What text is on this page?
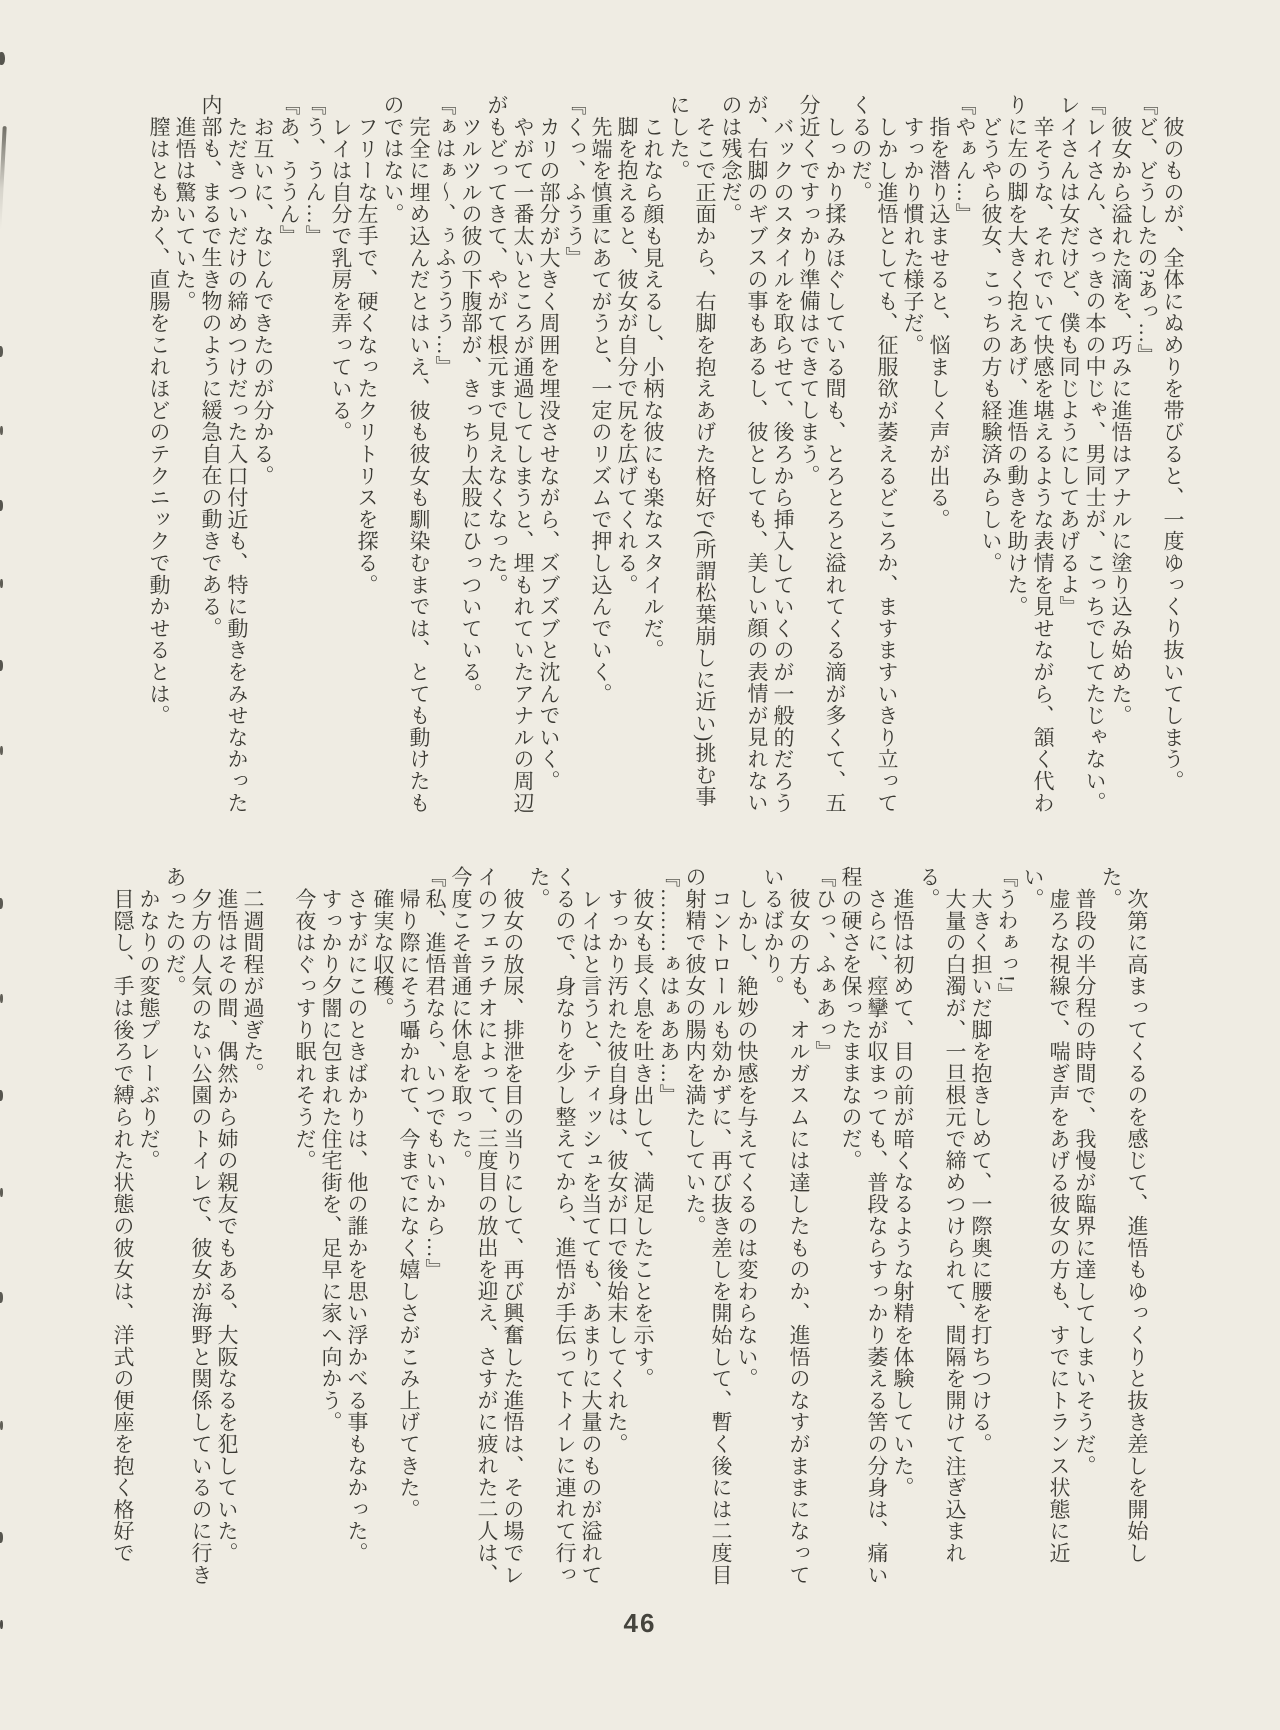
彼のものが、全体にぬめりを帯びると、一度ゆっくり抜いてしまう。

『ど、どうしたの?あっ…』

彼女から溢れた滴を、巧みに進悟はアナルに塗り込み始めた。

『レイさん、さっきの本の中じゃ、男同士が、こっちでしてたじゃない。レイさんは女だけど、僕も同じようにしてあげるよ』

辛そうな、それでいて快感を堪えるような表情を見せながら、頷く代わりに左の脚を大きく抱えあげ、進悟の動きを助けた。

どうやら彼女、こっちの方も経験済みらしい。

『やぁん…』

指を潜り込ませると、悩ましく声が出る。

すっかり慣れた様子だ。

しかし進悟としても、征服欲が萎えるどころか、ますますいきり立ってくるのだ。

しっかり揉みほぐしている間も、とろとろと溢れてくる滴が多くて、五分近くですっかり準備はできてしまう。

バックのスタイルを取らせて、後ろから挿入していくのが一般的だろうが、右脚のギブスの事もあるし、彼としても、美しい顔の表情が見れないのは残念だ。

そこで正面から、右脚を抱えあげた格好で(所謂松葉崩しに近い)挑む事にした。

これなら顔も見えるし、小柄な彼にも楽なスタイルだ。

脚を抱えると、彼女が自分で尻を広げてくれる。

先端を慎重にあてがうと、一定のリズムで押し込んでいく。

『くっ、ふうう』

カリの部分が大きく周囲を埋没させながら、ズブズブと沈んでいく。

やがて一番太いところが通過してしまうと、埋もれていたアナルの周辺がもどってきて、やがて根元まで見えなくなった。

ツルツルの彼の下腹部が、きっちり太股にひっついている。

『ぁはぁ〜、ぅふううう…』

完全に埋め込んだとはいえ、彼も彼女も馴染むまでは、とても動けたものではない。

フリーな左手で、硬くなったクリトリスを探る。

レイは自分で乳房を弄っている。

『う、うん…』

『あ、ううん』

お互いに、なじんできたのが分かる。

ただきついだけの締めつけだった入口付近も、特に動きをみせなかった内部も、まるで生き物のように緩急自在の動きである。

進悟は驚いていた。

膣はともかく、直腸をこれほどのテクニックで動かせるとは。

次第に高まってくるのを感じて、進悟もゆっくりと抜き差しを開始した。

普段の半分程の時間で、我慢が臨界に達してしまいそうだ。

虚ろな視線で、喘ぎ声をあげる彼女の方も、すでにトランス状態に近い。

『うわぁっ!』

大きく担いだ脚を抱きしめて、一際奥に腰を打ちつける。

大量の白濁が、一旦根元で締めつけられて、間隔を開けて注ぎ込まれる。

進悟は初めて、目の前が暗くなるような射精を体験していた。

さらに、痙攣が収まっても、普段ならすっかり萎える筈の分身は、痛い程の硬さを保ったままなのだ。

『ひっ、ふぁあっ』

彼女の方も、オルガスムには達したものか、進悟のなすがままになっているばかり。

しかし、絶妙の快感を与えてくるのは変わらない。

コントロールも効かずに、再び抜き差しを開始して、暫く後には二度目の射精で彼女の腸内を満たしていた。

『………ぁはぁああ…』

彼女も長く息を吐き出して、満足したことを示す。

すっかり汚れた彼自身は、彼女が口で後始末してくれた。

レイはと言うと、ティッシュを当てても、あまりに大量のものが溢れてくるので、身なりを少し整えてから、進悟が手伝ってトイレに連れて行った。

彼女の放尿、排泄を目の当りにして、再び興奮した進悟は、その場でレイのフェラチオによって、三度目の放出を迎え、さすがに疲れた二人は、今度こそ普通に休息を取った。

『私、進悟君なら、いつでもいいから…』

帰り際にそう囁かれて、今までになく嬉しさがこみ上げてきた。

確実な収穫。

さすがにこのときばかりは、他の誰かを思い浮かべる事もなかった。

すっかり夕闇に包まれた住宅街を、足早に家へ向かう。

今夜はぐっすり眠れそうだ。

二週間程が過ぎた。

進悟はその間、偶然から姉の親友でもある、大阪なるを犯していた。

夕方の人気のない公園のトイレで、彼女が海野と関係しているのに行きあったのだ。

かなりの変態プレーぶりだ。

目隠し、手は後ろで縛られた状態の彼女は、洋式の便座を抱く格好で

46
